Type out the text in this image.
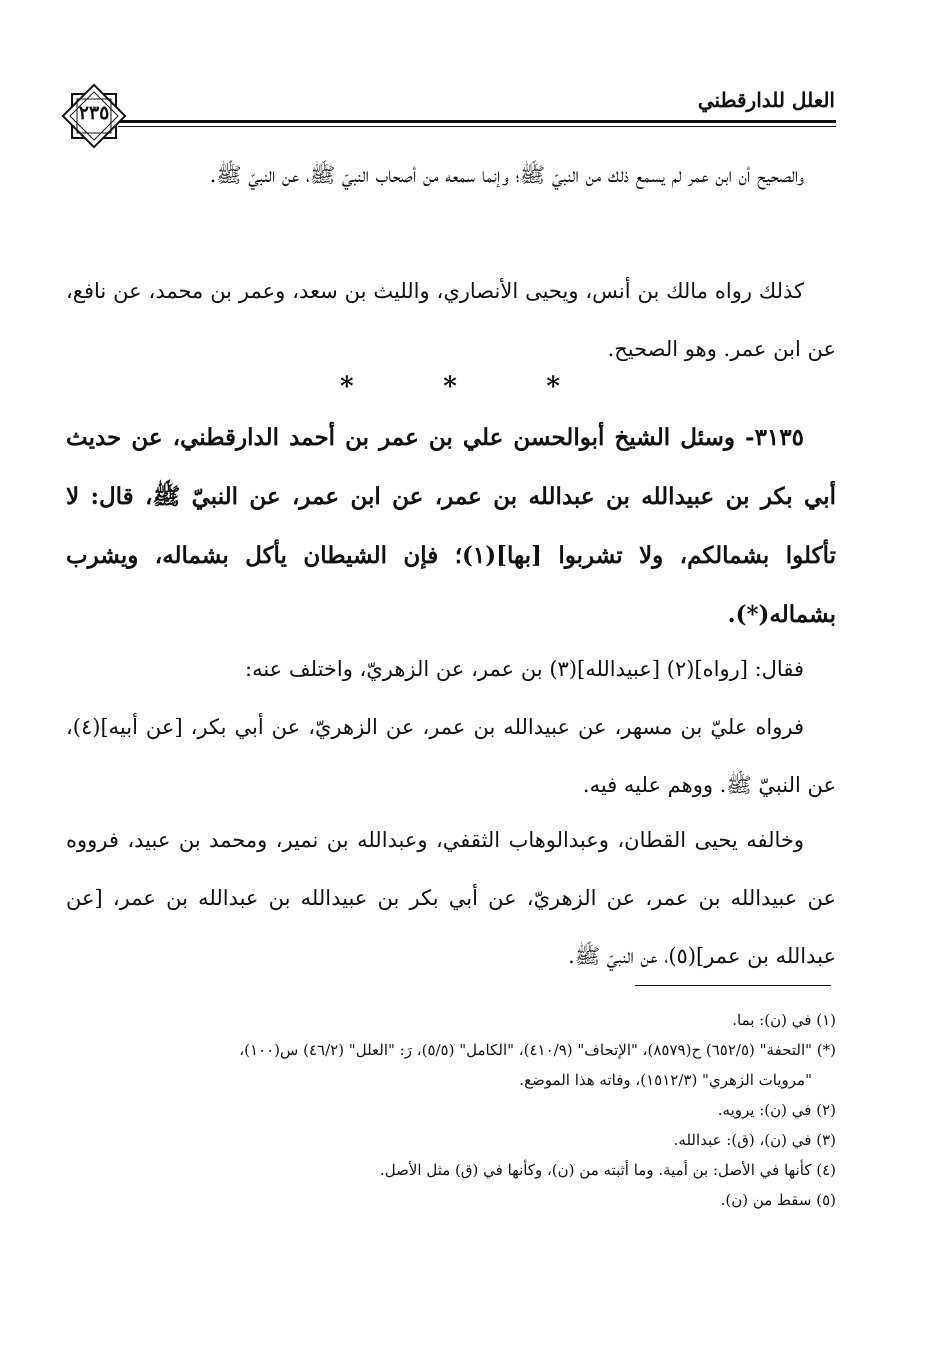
العلل للدارقطني
٢٣٥
والصحيح أن ابن عمر لم يسمع ذلك من النبيّ ﷺ؛ وإنما سمعه من أصحاب النبيّ ﷺ، عن النبيّ ﷺ.
كذلك رواه مالك بن أنس، ويحيى الأنصاري، والليث بن سعد، وعمر بن محمد، عن نافع، عن ابن عمر. وهو الصحيح.
*	*	*
٣١٣٥- وسئل الشيخ أبوالحسن علي بن عمر بن أحمد الدارقطني، عن حديث أبي بكر بن عبيدالله بن عبدالله بن عمر، عن ابن عمر، عن النبيّ ﷺ، قال: لا تأكلوا بشمالكم، ولا تشربوا [بها](١)؛ فإن الشيطان يأكل بشماله، ويشرب بشماله(*).
فقال: [رواه](٢) [عبيدالله](٣) بن عمر، عن الزهريّ، واختلف عنه:
فرواه عليّ بن مسهر، عن عبيدالله بن عمر، عن الزهريّ، عن أبي بكر، [عن أبيه](٤)، عن النبيّ ﷺ. ووهم عليه فيه.
وخالفه يحيى القطان، وعبدالوهاب الثقفي، وعبدالله بن نمير، ومحمد بن عبيد، فرووه عن عبيدالله بن عمر، عن الزهريّ، عن أبي بكر بن عبيدالله بن عبدالله بن عمر، [عن عبدالله بن عمر](٥)، عن النبيّ ﷺ.
(١) في (ن): بما.
(*) "التحفة" (٦٥٢/٥) ح(٨٥٧٩)، "الإتحاف" (٤١٠/٩)، "الكامل" (٥/٥)، رَ: "العلل" (٤٦/٢) س(١٠٠)،
"مرويات الزهري" (١٥١٢/٣)، وفاته هذا الموضع.
(٢) في (ن): يرويه.
(٣) في (ن)، (ق): عبدالله.
(٤) كأنها في الأصل: بن أمية. وما أثبته من (ن)، وكأنها في (ق) مثل الأصل.
(٥) سقط من (ن).
